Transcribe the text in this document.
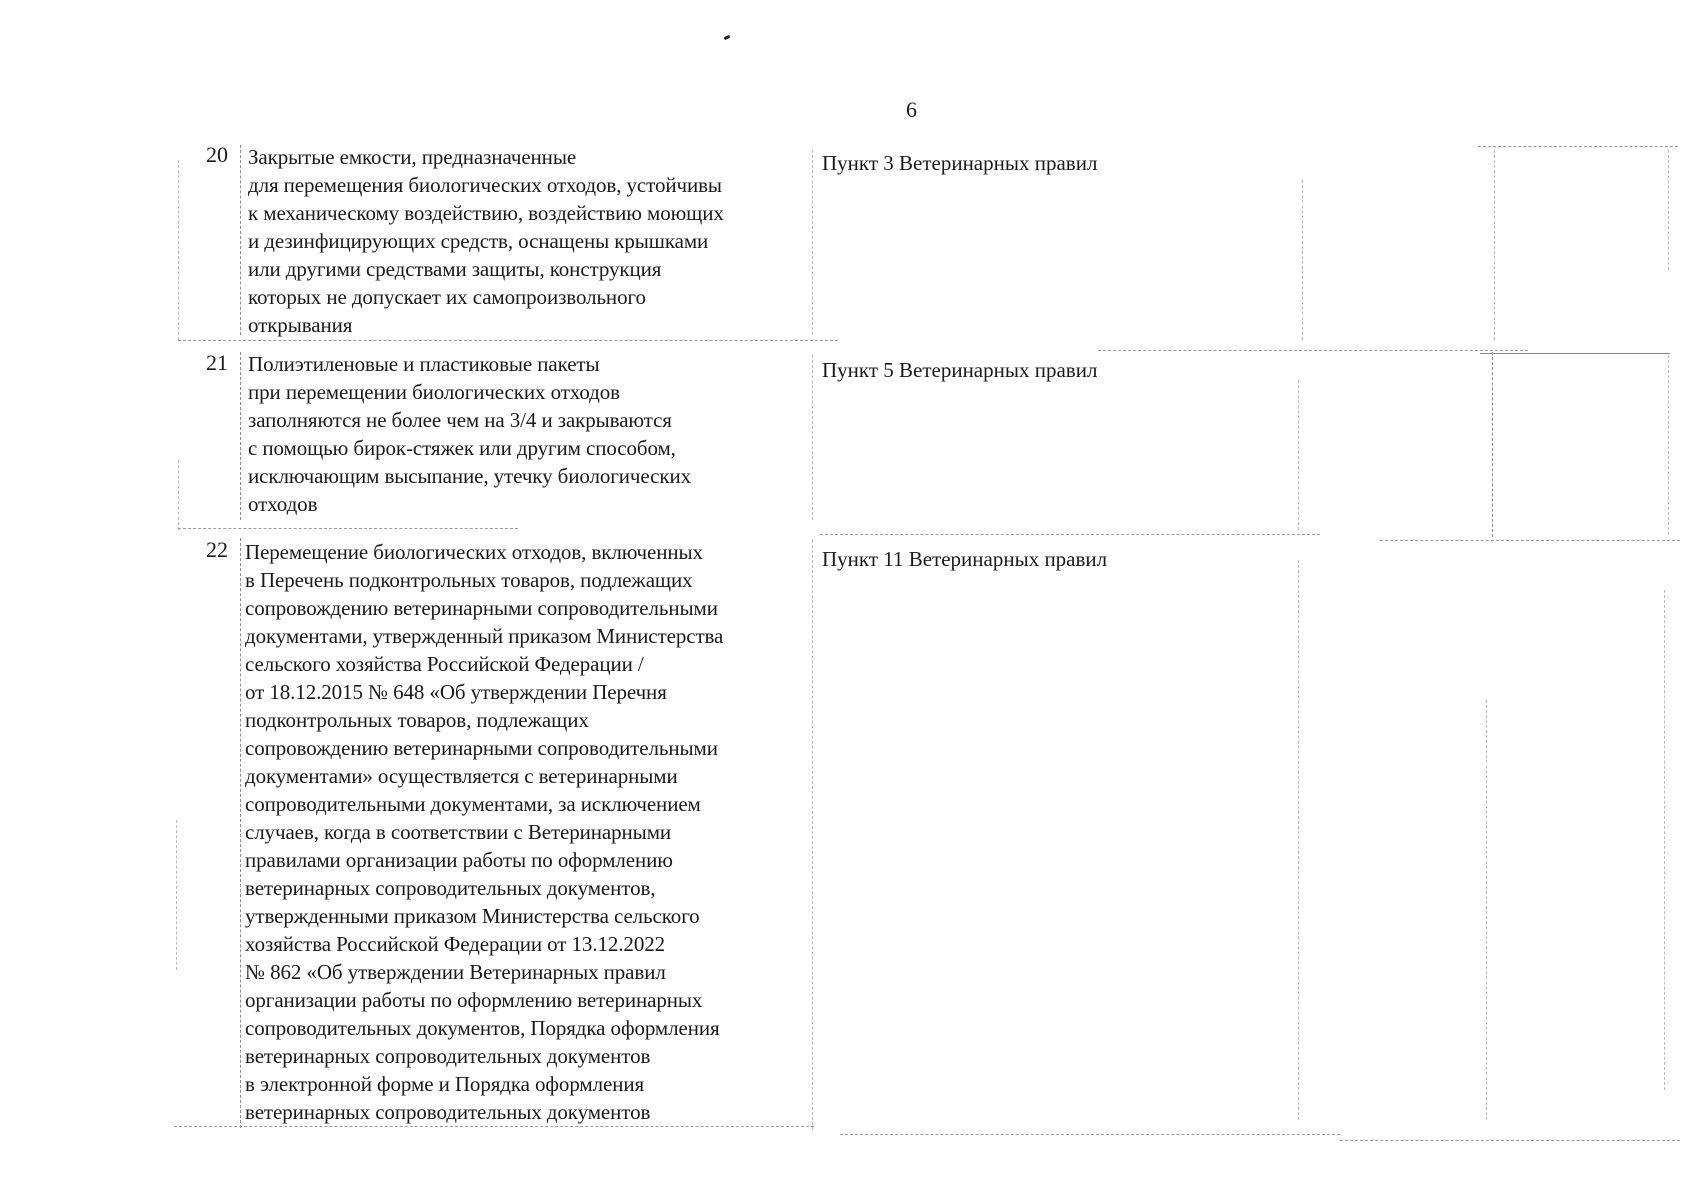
6
20 Закрытые емкости, предназначенные
для перемещения биологических отходов, устойчивы
к механическому воздействию, воздействию моющих
и дезинфицирующих средств, оснащены крышками
или другими средствами защиты, конструкция
которых не допускает их самопроизвольного
открывания
Пункт 3 Ветеринарных правил
21 Полиэтиленовые и пластиковые пакеты
при перемещении биологических отходов
заполняются не более чем на 3/4 и закрываются
с помощью бирок-стяжек или другим способом,
исключающим высыпание, утечку биологических
отходов
Пункт 5 Ветеринарных правил
22 Перемещение биологических отходов, включенных
в Перечень подконтрольных товаров, подлежащих
сопровождению ветеринарными сопроводительными
документами, утвержденный приказом Министерства
сельского хозяйства Российской Федерации /
от 18.12.2015 № 648 «Об утверждении Перечня
подконтрольных товаров, подлежащих
сопровождению ветеринарными сопроводительными
документами» осуществляется с ветеринарными
сопроводительными документами, за исключением
случаев, когда в соответствии с Ветеринарными
правилами организации работы по оформлению
ветеринарных сопроводительных документов,
утвержденными приказом Министерства сельского
хозяйства Российской Федерации от 13.12.2022
№ 862 «Об утверждении Ветеринарных правил
организации работы по оформлению ветеринарных
сопроводительных документов, Порядка оформления
ветеринарных сопроводительных документов
в электронной форме и Порядка оформления
ветеринарных сопроводительных документов
Пункт 11 Ветеринарных правил
